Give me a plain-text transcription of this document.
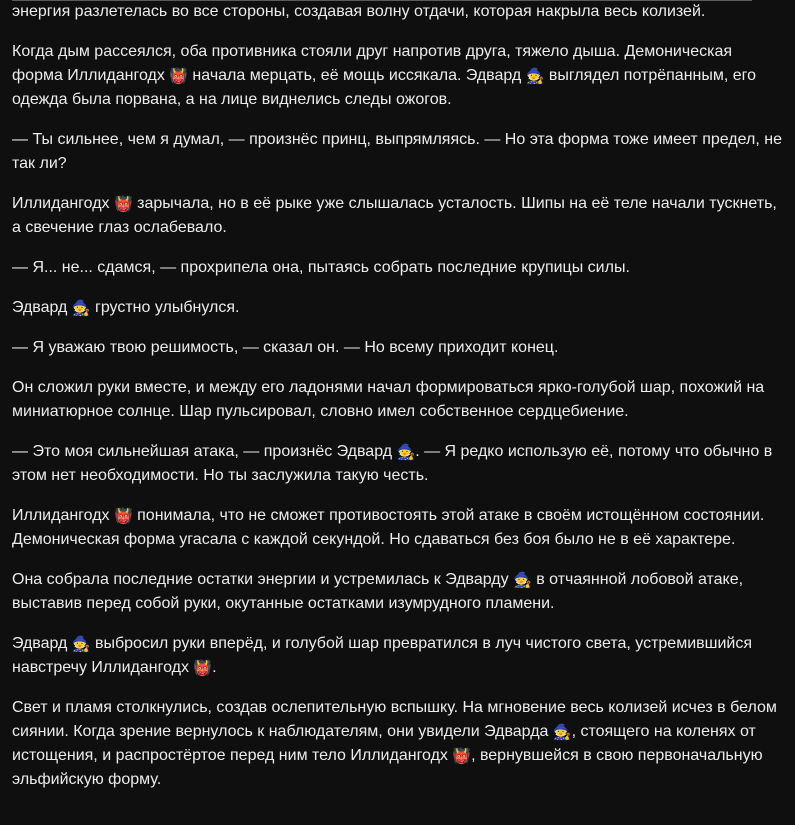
энергия разлетелась во все стороны, создавая волну отдачи, которая накрыла весь колизей.

Когда дым рассеялся, оба противника стояли друг напротив друга, тяжело дыша. Демоническая форма Иллидангодх 👹 начала мерцать, её мощь иссякала. Эдвард 🧙 выглядел потрёпанным, его одежда была порвана, а на лице виднелись следы ожогов.

— Ты сильнее, чем я думал, — произнёс принц, выпрямляясь. — Но эта форма тоже имеет предел, не так ли?

Иллидангодх 👹 зарычала, но в её рыке уже слышалась усталость. Шипы на её теле начали тускнеть, а свечение глаз ослабевало.

— Я... не... сдамся, — прохрипела она, пытаясь собрать последние крупицы силы.

Эдвард 🧙 грустно улыбнулся.

— Я уважаю твою решимость, — сказал он. — Но всему приходит конец.

Он сложил руки вместе, и между его ладонями начал формироваться ярко-голубой шар, похожий на миниатюрное солнце. Шар пульсировал, словно имел собственное сердцебиение.

— Это моя сильнейшая атака, — произнёс Эдвард 🧙. — Я редко использую её, потому что обычно в этом нет необходимости. Но ты заслужила такую честь.

Иллидангодх 👹 понимала, что не сможет противостоять этой атаке в своём истощённом состоянии. Демоническая форма угасала с каждой секундой. Но сдаваться без боя было не в её характере.

Она собрала последние остатки энергии и устремилась к Эдварду 🧙 в отчаянной лобовой атаке, выставив перед собой руки, окутанные остатками изумрудного пламени.

Эдвард 🧙 выбросил руки вперёд, и голубой шар превратился в луч чистого света, устремившийся навстречу Иллидангодх 👹.

Свет и пламя столкнулись, создав ослепительную вспышку. На мгновение весь колизей исчез в белом сиянии. Когда зрение вернулось к наблюдателям, они увидели Эдварда 🧙, стоящего на коленях от истощения, и распростёртое перед ним тело Иллидангодх 👹, вернувшейся в свою первоначальную эльфийскую форму.
